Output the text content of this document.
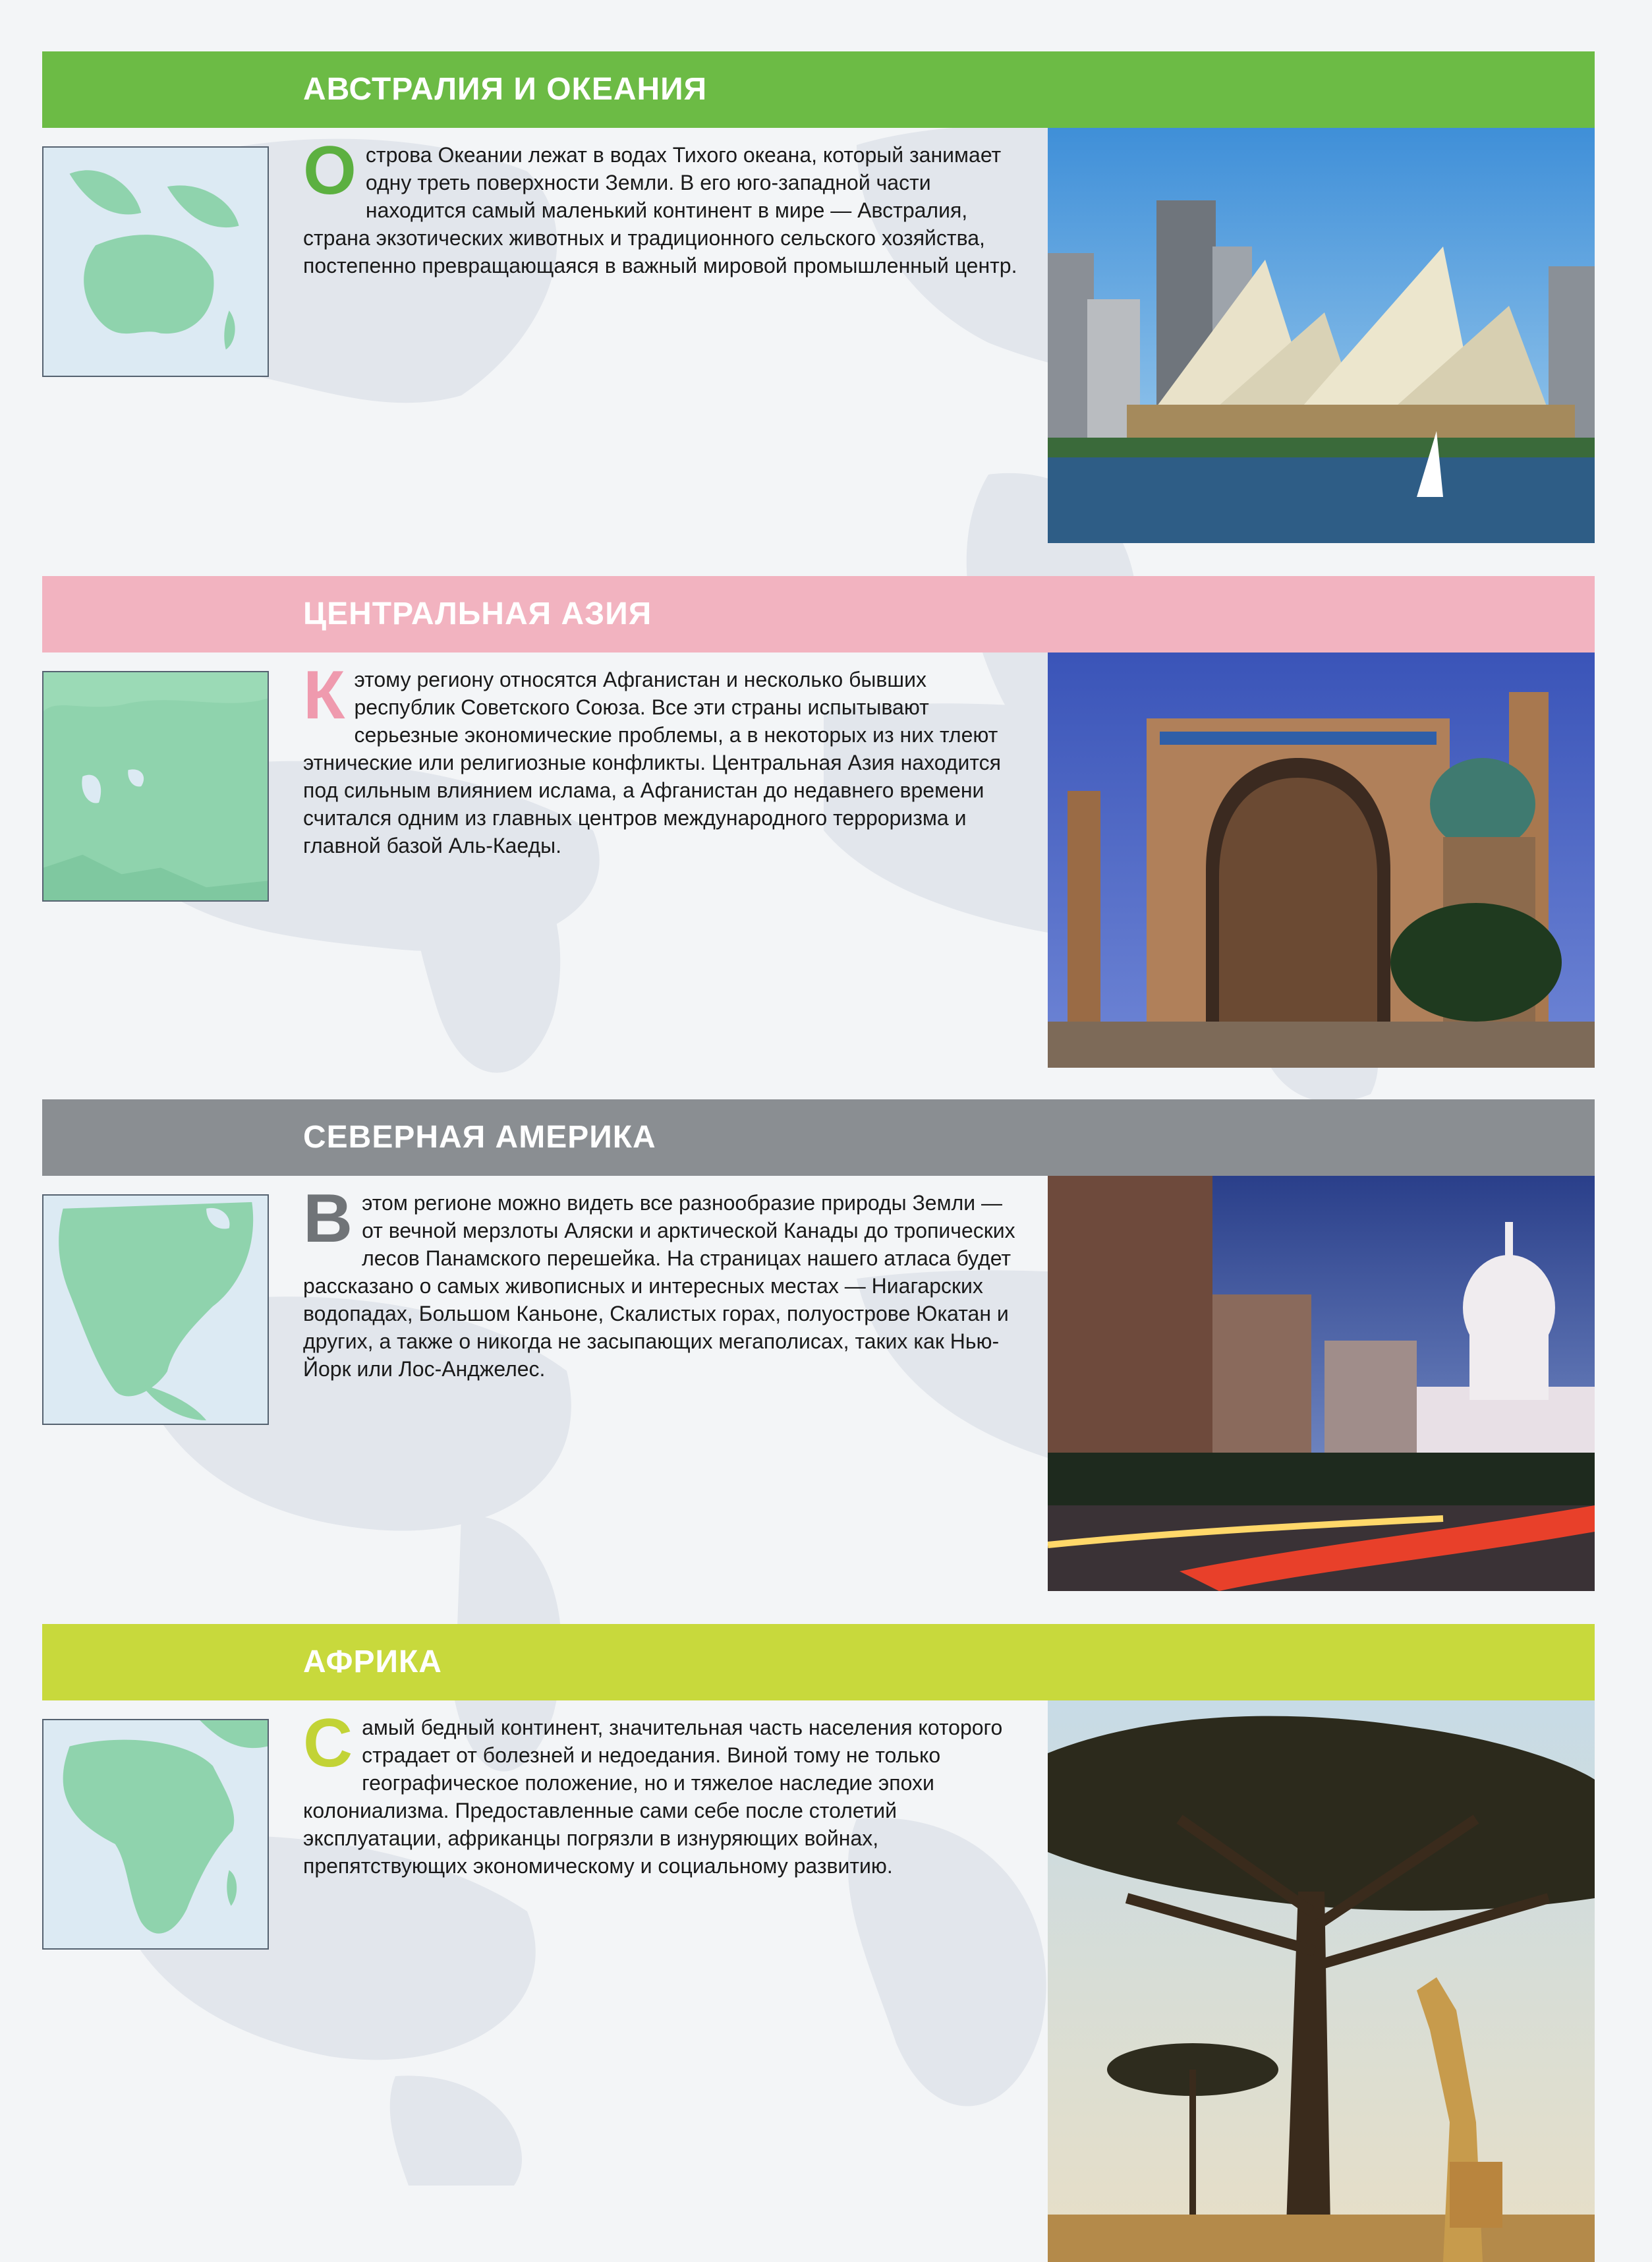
АВСТРАЛИЯ И ОКЕАНИЯ
Острова Океании лежат в водах Тихого океана, который занимает одну треть поверхности Земли. В его юго-западной части находится самый маленький континент в мире — Австралия, страна экзотических животных и традиционного сельского хозяйства, постепенно превращающаяся в важный мировой промышленный центр.
ЦЕНТРАЛЬНАЯ АЗИЯ
Кэтому региону относятся Афганистан и несколько бывших республик Советского Союза. Все эти страны испытывают серьезные экономические проблемы, а в некоторых из них тлеют этнические или религиозные конфликты. Центральная Азия находится под сильным влиянием ислама, а Афганистан до недавнего времени считался одним из главных центров международного терроризма и главной базой Аль-Каеды.
СЕВЕРНАЯ АМЕРИКА
Вэтом регионе можно видеть все разнообразие природы Земли — от вечной мерзлоты Аляски и арктической Канады до тропических лесов Панамского перешейка. На страницах нашего атласа будет рассказано о самых живописных и интересных местах — Ниагарских водопадах, Большом Каньоне, Скалистых горах, полуострове Юкатан и других, а также о никогда не засыпающих мегаполисах, таких как Нью-Йорк или Лос-Анджелес.
АФРИКА
Самый бедный континент, значительная часть населения которого страдает от болезней и недоедания. Виной тому не только географическое положение, но и тяжелое наследие эпохи колониализма. Предоставленные сами себе после столетий эксплуатации, африканцы погрязли в изнуряющих войнах, препятствующих экономическому и социальному развитию.
